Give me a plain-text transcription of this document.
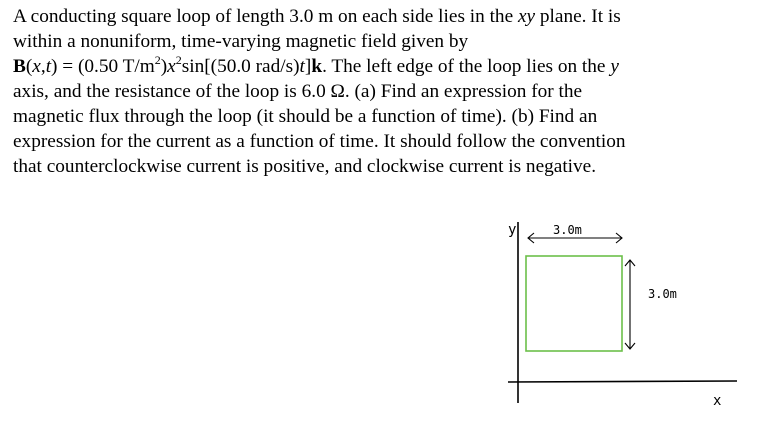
A conducting square loop of length 3.0 m on each side lies in the xy plane. It is
within a nonuniform, time-varying magnetic field given by
B(x,t) = (0.50 $T/m^2)x^2\sin[(50.0$ rad/s)t]k. The left edge of the loop lies on the y
axis, and the resistance of the loop is 6.0 Ω. (a) Find an expression for the
magnetic flux through the loop (it should be a function of time). (b) Find an
expression for the current as a function of time. It should follow the convention
that counterclockwise current is positive, and clockwise current is negative.
y
x
3.0m
3.0m
